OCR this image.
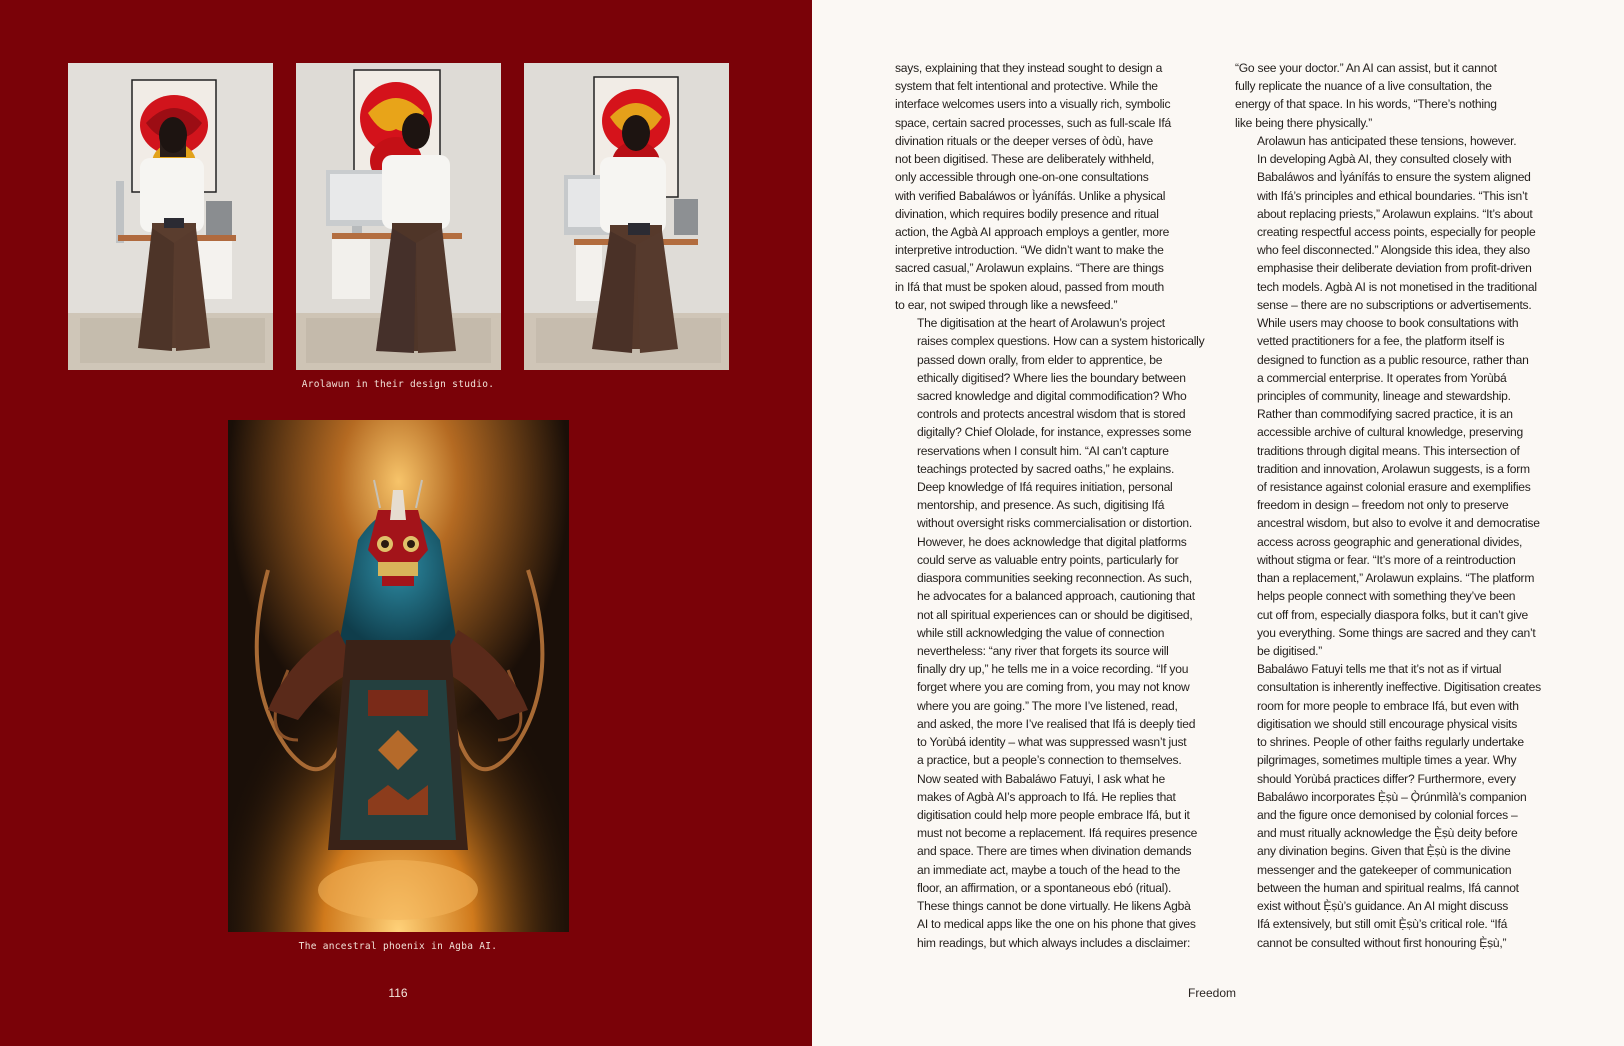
Arolawun in their design studio.
The ancestral phoenix in Agba AI.
116

says, explaining that they instead sought to design a
system that felt intentional and protective. While the
interface welcomes users into a visually rich, symbolic
space, certain sacred processes, such as full-scale Ifá
divination rituals or the deeper verses of òdù, have
not been digitised. These are deliberately withheld,
only accessible through one-on-one consultations
with verified Babaláwos or Ìyánífás. Unlike a physical
divination, which requires bodily presence and ritual
action, the Agbà AI approach employs a gentler, more
interpretive introduction. “We didn’t want to make the
sacred casual,” Arolawun explains. “There are things
in Ifá that must be spoken aloud, passed from mouth
to ear, not swiped through like a newsfeed.”

The digitisation at the heart of Arolawun’s project
raises complex questions. How can a system historically
passed down orally, from elder to apprentice, be
ethically digitised? Where lies the boundary between
sacred knowledge and digital commodification? Who
controls and protects ancestral wisdom that is stored
digitally? Chief Ololade, for instance, expresses some
reservations when I consult him. “AI can’t capture
teachings protected by sacred oaths,” he explains.
Deep knowledge of Ifá requires initiation, personal
mentorship, and presence. As such, digitising Ifá
without oversight risks commercialisation or distortion.
However, he does acknowledge that digital platforms
could serve as valuable entry points, particularly for
diaspora communities seeking reconnection. As such,
he advocates for a balanced approach, cautioning that
not all spiritual experiences can or should be digitised,
while still acknowledging the value of connection
nevertheless: “any river that forgets its source will
finally dry up,” he tells me in a voice recording. “If you
forget where you are coming from, you may not know
where you are going.” The more I’ve listened, read,
and asked, the more I’ve realised that Ifá is deeply tied
to Yorùbá identity – what was suppressed wasn’t just
a practice, but a people’s connection to themselves.

Now seated with Babaláwo Fatuyi, I ask what he
makes of Agbà AI’s approach to Ifá. He replies that
digitisation could help more people embrace Ifá, but it
must not become a replacement. Ifá requires presence
and space. There are times when divination demands
an immediate act, maybe a touch of the head to the
floor, an affirmation, or a spontaneous ebó (ritual).
These things cannot be done virtually. He likens Agbà
AI to medical apps like the one on his phone that gives
him readings, but which always includes a disclaimer:

“Go see your doctor.” An AI can assist, but it cannot
fully replicate the nuance of a live consultation, the
energy of that space. In his words, “There’s nothing
like being there physically.”

Arolawun has anticipated these tensions, however.
In developing Agbà AI, they consulted closely with
Babaláwos and Ìyánífás to ensure the system aligned
with Ifá’s principles and ethical boundaries. “This isn’t
about replacing priests,” Arolawun explains. “It’s about
creating respectful access points, especially for people
who feel disconnected.” Alongside this idea, they also
emphasise their deliberate deviation from profit-driven
tech models. Agbà AI is not monetised in the traditional
sense – there are no subscriptions or advertisements.
While users may choose to book consultations with
vetted practitioners for a fee, the platform itself is
designed to function as a public resource, rather than
a commercial enterprise. It operates from Yorùbá
principles of community, lineage and stewardship.
Rather than commodifying sacred practice, it is an
accessible archive of cultural knowledge, preserving
traditions through digital means. This intersection of
tradition and innovation, Arolawun suggests, is a form
of resistance against colonial erasure and exemplifies
freedom in design – freedom not only to preserve
ancestral wisdom, but also to evolve it and democratise
access across geographic and generational divides,
without stigma or fear. “It’s more of a reintroduction
than a replacement,” Arolawun explains. “The platform
helps people connect with something they’ve been
cut off from, especially diaspora folks, but it can’t give
you everything. Some things are sacred and they can’t
be digitised.”

Babaláwo Fatuyi tells me that it’s not as if virtual
consultation is inherently ineffective. Digitisation creates
room for more people to embrace Ifá, but even with
digitisation we should still encourage physical visits
to shrines. People of other faiths regularly undertake
pilgrimages, sometimes multiple times a year. Why
should Yorùbá practices differ? Furthermore, every
Babaláwo incorporates Ẹ̀ṣù – Ọ̀rúnmìlà’s companion
and the figure once demonised by colonial forces –
and must ritually acknowledge the Ẹ̀ṣù deity before
any divination begins. Given that Ẹ̀ṣù is the divine
messenger and the gatekeeper of communication
between the human and spiritual realms, Ifá cannot
exist without Ẹ̀ṣù’s guidance. An AI might discuss
Ifá extensively, but still omit Ẹ̀ṣù’s critical role. “Ifá
cannot be consulted without first honouring Ẹ̀ṣù,”

Freedom
